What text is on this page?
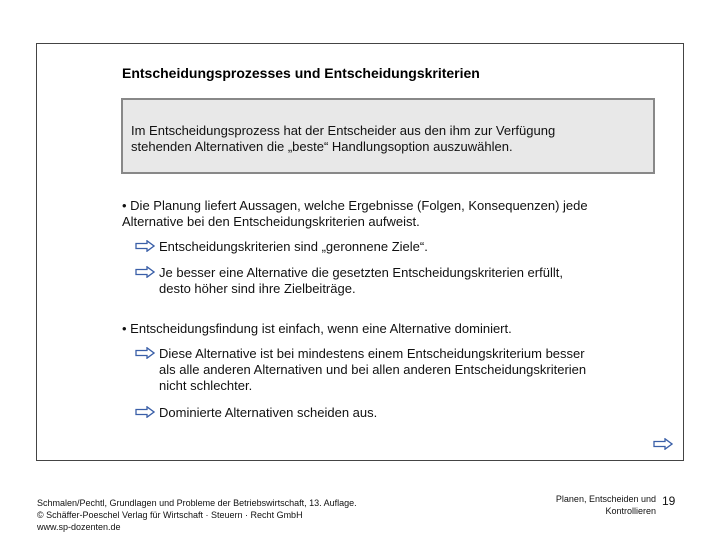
Entscheidungsprozesses und Entscheidungskriterien
Im Entscheidungsprozess hat der Entscheider aus den ihm zur Verfügung
stehenden Alternativen die „beste“ Handlungsoption auszuwählen.
• Die Planung liefert Aussagen, welche Ergebnisse (Folgen, Konsequenzen) jede
Alternative bei den Entscheidungskriterien aufweist.
Entscheidungskriterien sind „geronnene Ziele“.
Je besser eine Alternative die gesetzten Entscheidungskriterien erfüllt,
desto höher sind ihre Zielbeiträge.
• Entscheidungsfindung ist einfach, wenn eine Alternative dominiert.
Diese Alternative ist bei mindestens einem Entscheidungskriterium besser
als alle anderen Alternativen und bei allen anderen Entscheidungskriterien
nicht schlechter.
Dominierte Alternativen scheiden aus.
Schmalen/Pechtl, Grundlagen und Probleme der Betriebswirtschaft, 13. Auflage.
© Schäffer-Poeschel Verlag für Wirtschaft · Steuern · Recht GmbH
www.sp-dozenten.de
Planen, Entscheiden und
Kontrollieren
19
